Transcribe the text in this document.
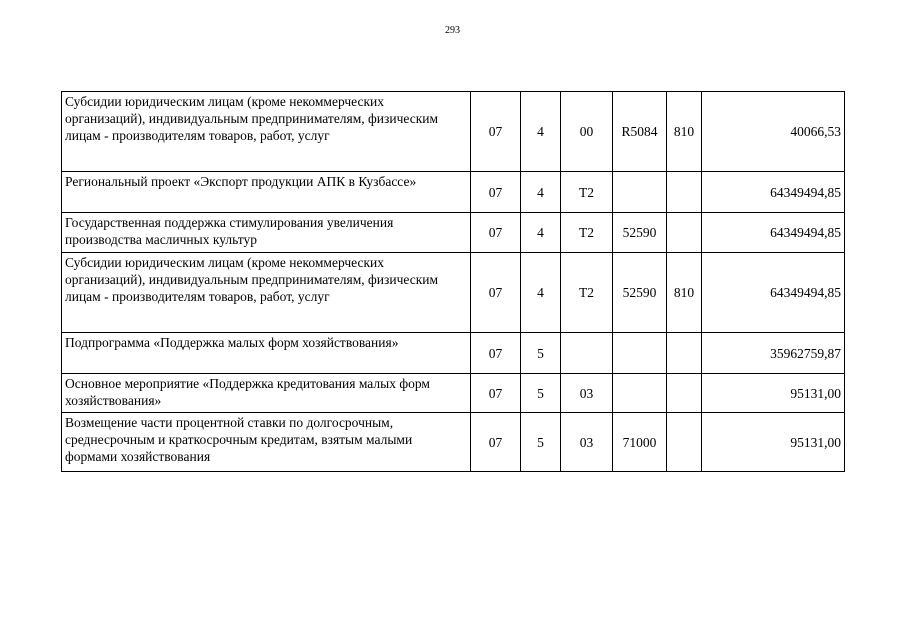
293
Субсидии юридическим лицам (кроме некоммерческих организаций), индивидуальным предпринимателям, физическим лицам - производителям товаров, работ, услуг	07	4	00	R5084	810	40066,53
Региональный проект «Экспорт продукции АПК в Кузбассе»	07	4	Т2			64349494,85
Государственная поддержка стимулирования увеличения производства масличных культур	07	4	Т2	52590		64349494,85
Субсидии юридическим лицам (кроме некоммерческих организаций), индивидуальным предпринимателям, физическим лицам - производителям товаров, работ, услуг	07	4	Т2	52590	810	64349494,85
Подпрограмма «Поддержка малых форм хозяйствования»	07	5				35962759,87
Основное мероприятие «Поддержка кредитования малых форм хозяйствования»	07	5	03			95131,00
Возмещение части процентной ставки по долгосрочным, среднесрочным и краткосрочным кредитам, взятым малыми формами хозяйствования	07	5	03	71000		95131,00
